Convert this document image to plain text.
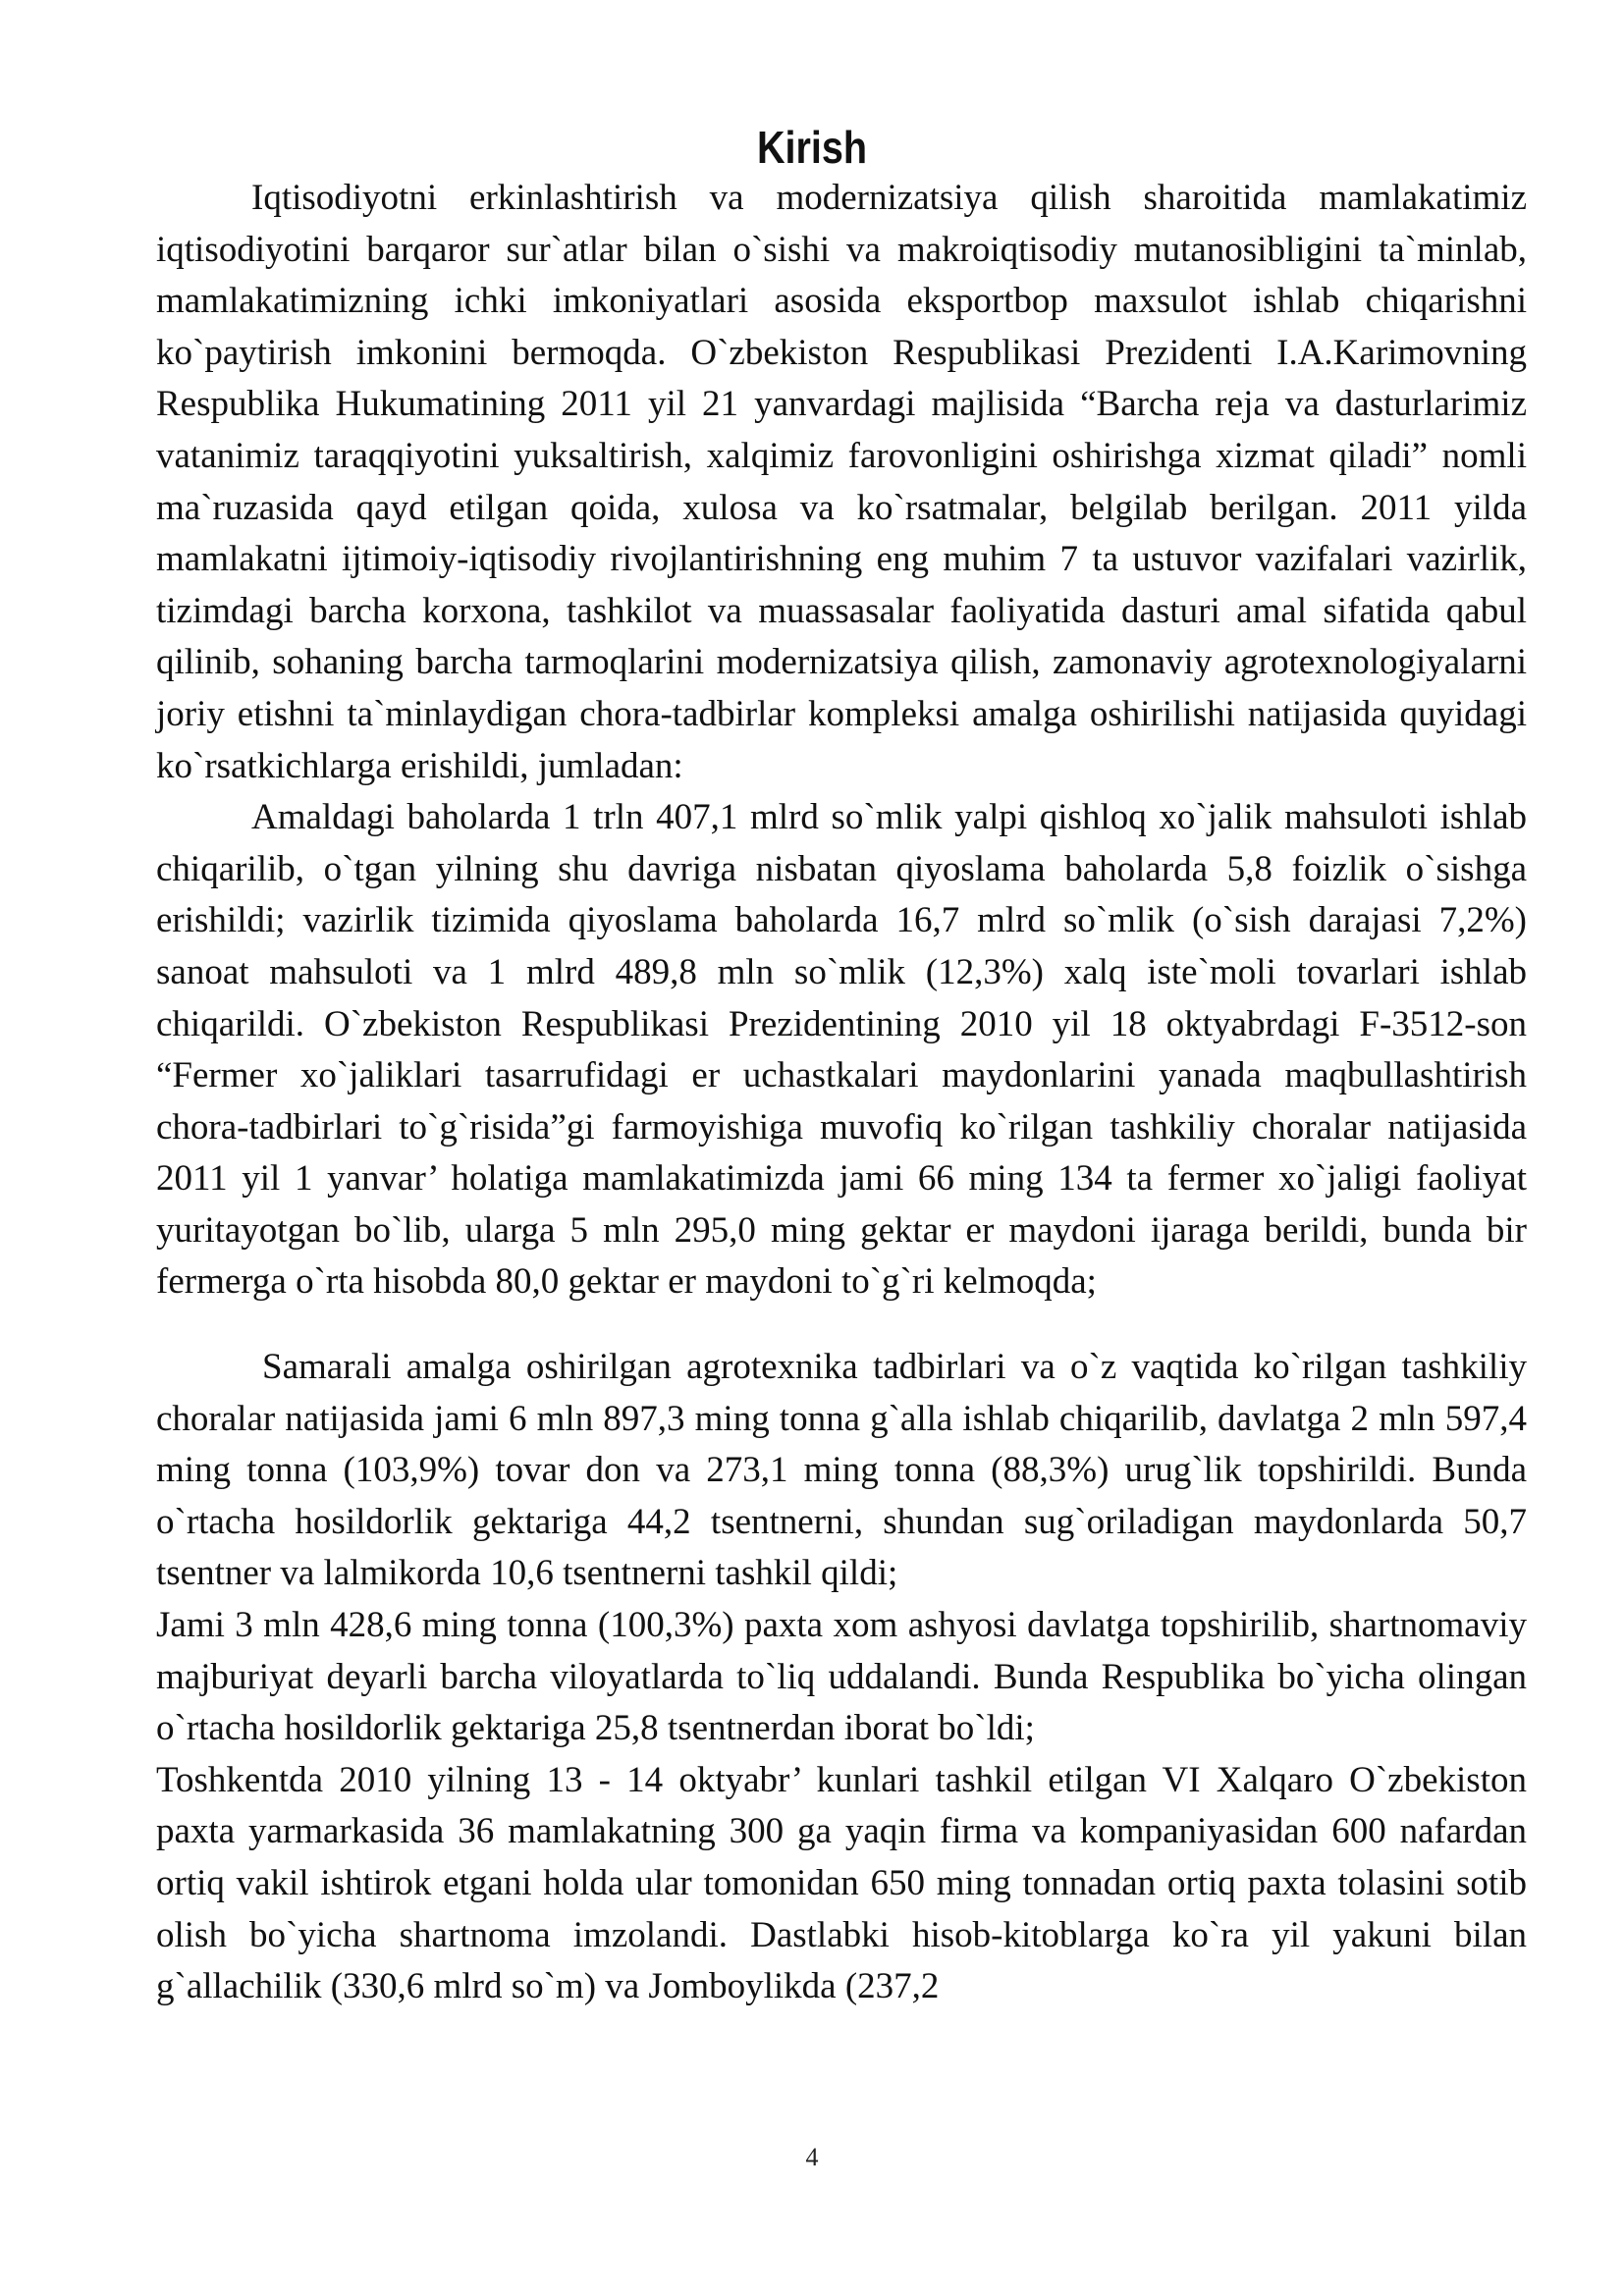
Kirish

Iqtisodiyotni erkinlashtirish va modernizatsiya qilish sharoitida mamlakatimiz iqtisodiyotini barqaror sur`atlar bilan o`sishi va makroiqtisodiy mutanosibligini ta`minlab, mamlakatimizning ichki imkoniyatlari asosida eksportbop maxsulot ishlab chiqarishni ko`paytirish imkonini bermoqda. O`zbekiston Respublikasi Prezidenti I.A.Karimovning Respublika Hukumatining 2011 yil 21 yanvardagi majlisida “Barcha reja va dasturlarimiz vatanimiz taraqqiyotini yuksaltirish, xalqimiz farovonligini oshirishga xizmat qiladi” nomli ma`ruzasida qayd etilgan qoida, xulosa va ko`rsatmalar, belgilab berilgan. 2011 yilda mamlakatni ijtimoiy-iqtisodiy rivojlantirishning eng muhim 7 ta ustuvor vazifalari vazirlik, tizimdagi barcha korxona, tashkilot va muassasalar faoliyatida dasturi amal sifatida qabul qilinib, sohaning barcha tarmoqlarini modernizatsiya qilish, zamonaviy agrotexnologiyalarni joriy etishni ta`minlaydigan chora-tadbirlar kompleksi amalga oshirilishi natijasida quyidagi ko`rsatkichlarga erishildi, jumladan:

Amaldagi baholarda 1 trln 407,1 mlrd so`mlik yalpi qishloq xo`jalik mahsuloti ishlab chiqarilib, o`tgan yilning shu davriga nisbatan qiyoslama baholarda 5,8 foizlik o`sishga erishildi; vazirlik tizimida qiyoslama baholarda 16,7 mlrd so`mlik (o`sish darajasi 7,2%) sanoat mahsuloti va 1 mlrd 489,8 mln so`mlik (12,3%) xalq iste`moli tovarlari ishlab chiqarildi. O`zbekiston Respublikasi Prezidentining 2010 yil 18 oktyabrdagi F-3512-son “Fermer xo`jaliklari tasarrufidagi er uchastkalari maydonlarini yanada maqbullashtirish chora-tadbirlari to`g`risida”gi farmoyishiga muvofiq ko`rilgan tashkiliy choralar natijasida 2011 yil 1 yanvar’ holatiga mamlakatimizda jami 66 ming 134 ta fermer xo`jaligi faoliyat yuritayotgan bo`lib, ularga 5 mln 295,0 ming gektar er maydoni ijaraga berildi, bunda bir fermerga o`rta hisobda 80,0 gektar er maydoni to`g`ri kelmoqda;

Samarali amalga oshirilgan agrotexnika tadbirlari va o`z vaqtida ko`rilgan tashkiliy choralar natijasida jami 6 mln 897,3 ming tonna g`alla ishlab chiqarilib, davlatga 2 mln 597,4 ming tonna (103,9%) tovar don va 273,1 ming tonna (88,3%) urug`lik topshirildi. Bunda o`rtacha hosildorlik gektariga 44,2 tsentnerni, shundan sug`oriladigan maydonlarda 50,7 tsentner va lalmikorda 10,6 tsentnerni tashkil qildi;

Jami 3 mln 428,6 ming tonna (100,3%) paxta xom ashyosi davlatga topshirilib, shartnomaviy majburiyat deyarli barcha viloyatlarda to`liq uddalandi. Bunda Respublika bo`yicha olingan o`rtacha hosildorlik gektariga 25,8 tsentnerdan iborat bo`ldi;

Toshkentda 2010 yilning 13 - 14 oktyabr’ kunlari tashkil etilgan VI Xalqaro O`zbekiston paxta yarmarkasida 36 mamlakatning 300 ga yaqin firma va kompaniyasidan 600 nafardan ortiq vakil ishtirok etgani holda ular tomonidan 650 ming tonnadan ortiq paxta tolasini sotib olish bo`yicha shartnoma imzolandi. Dastlabki hisob-kitoblarga ko`ra yil yakuni bilan g`allachilik (330,6 mlrd so`m) va Jomboylikda (237,2

4
